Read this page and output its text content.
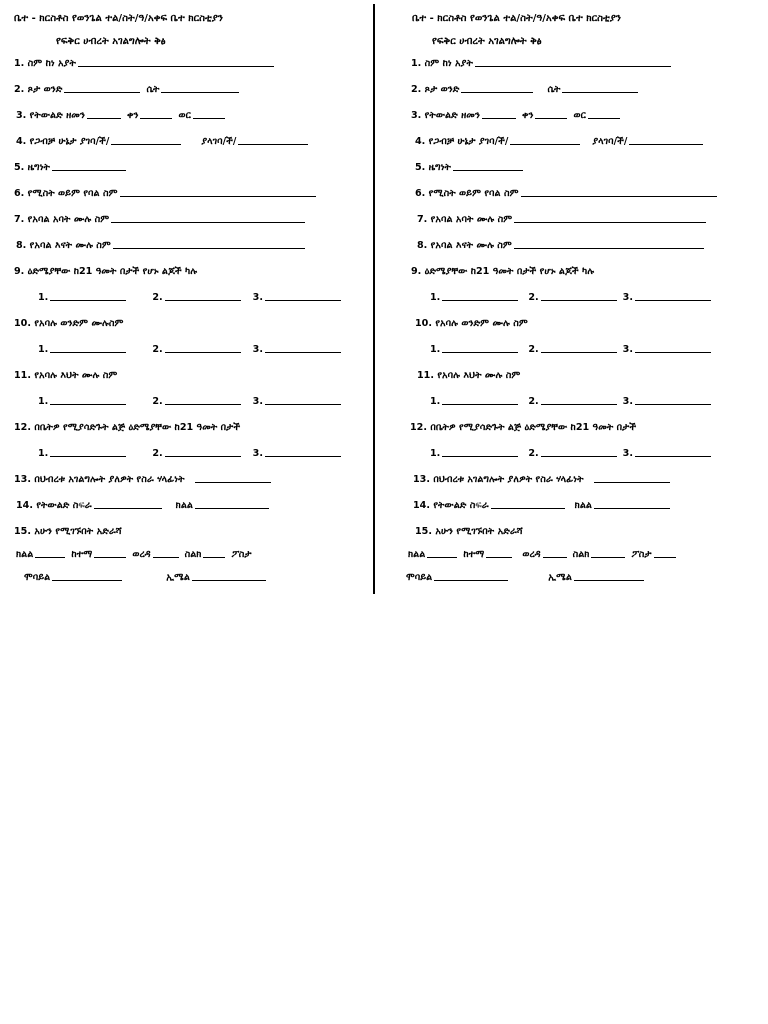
ቤተ - ክርስቶስ የወንጌል ተል/ስት/ዓ/አቀፍ ቤተ ክርስቲያን
የፍቅር ሀብረት አገልግሎት ቅፅ
1. ስም ከነ አያት
2. ጾታ ወንድ	ሴት
3. የትውልድ ዘመን	ቀን	ወር
4. የጋብቻ ሁኔታ ያገባ/ች/	ያላገባ/ች/
5. ዜግነት
6. የሚስት ወይም የባል ስም
7. የአባል አባት ሙሉ ስም
8. የአባል እናት ሙሉ ስም
9. ዕድሜያቸው ከ21 ዓመት በታች የሆኑ ልጆች ካሉ
1.	2.	3.
10. የአባሉ ወንድም ሙሉስም
1.	2.	3.
11. የአባሉ እህት ሙሉ ስም
1.	2.	3.
12. በቤትዎ የሚያሳድጉት ልጅ ዕድሜያቸው ከ21 ዓመት በታች
1.	2.	3.
13. በህብረቱ አገልግሎት ያለዎት የስራ ሃላፊነት
14. የትውልድ ስፍራ	ክልል
15. አሁን የሚገኙበት አድራሻ
ክልል	ከተማ	ወረዳ	ስልክ	ፖስታ
ሞባይል	ኢሜል
ቤተ - ክርስቶስ የወንጌል ተል/ስት/ዓ/አቀፍ ቤተ ክርስቲያን
የፍቅር ሀብረት አገልግሎት ቅፅ
1. ስም ከነ አያት
2. ጾታ ወንድ	ሴት
3. የትውልድ ዘመን	ቀን	ወር
4. የጋብቻ ሁኔታ ያገባ/ች/	ያላገባ/ች/
5. ዜግነት
6. የሚስት ወይም የባል ስም
7. የአባል አባት ሙሉ ስም
8. የአባል እናት ሙሉ ስም
9. ዕድሜያቸው ከ21 ዓመት በታች የሆኑ ልጆች ካሉ
1.	2.	3.
10. የአባሉ ወንድም ሙሉ ስም
1.	2.	3.
11. የአባሉ እህት ሙሉ ስም
1.	2.	3.
12. በቤትዎ የሚያሳድጉት ልጅ ዕድሜያቸው ከ21 ዓመት በታች
1.	2.	3.
13. በህብረቱ አገልግሎት ያለዎት የስራ ሃላፊነት
14. የትውልድ ስፍራ	ክልል
15. አሁን የሚገኙበት አድራሻ
ክልል	ከተማ	ወረዳ	ስልክ	ፖስታ
ሞባይል	ኢሜል
